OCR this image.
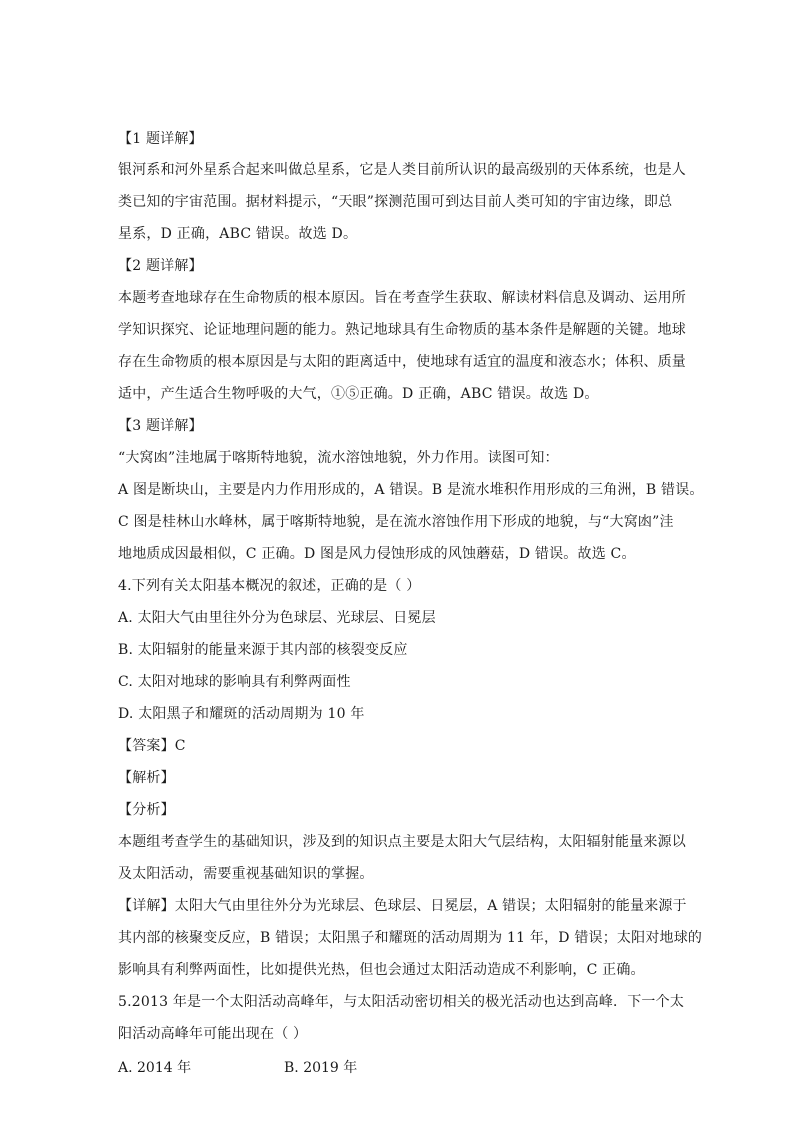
【1 题详解】
银河系和河外星系合起来叫做总星系，它是人类目前所认识的最高级别的天体系统，也是人
类已知的宇宙范围。据材料提示，“天眼”探测范围可到达目前人类可知的宇宙边缘，即总
星系，D 正确，ABC 错误。故选 D。
【2 题详解】
本题考查地球存在生命物质的根本原因。旨在考查学生获取、解读材料信息及调动、运用所
学知识探究、论证地理问题的能力。熟记地球具有生命物质的基本条件是解题的关键。地球
存在生命物质的根本原因是与太阳的距离适中，使地球有适宜的温度和液态水；体积、质量
适中，产生适合生物呼吸的大气，①⑤正确。D 正确，ABC 错误。故选 D。
【3 题详解】
“大窝凼”洼地属于喀斯特地貌，流水溶蚀地貌，外力作用。读图可知：
A 图是断块山，主要是内力作用形成的，A 错误。B 是流水堆积作用形成的三角洲，B 错误。
C 图是桂林山水峰林，属于喀斯特地貌，是在流水溶蚀作用下形成的地貌，与“大窝凼”洼
地地质成因最相似，C 正确。D 图是风力侵蚀形成的风蚀蘑菇，D 错误。故选 C。
4.下列有关太阳基本概况的叙述，正确的是（ ）
A. 太阳大气由里往外分为色球层、光球层、日冕层
B. 太阳辐射的能量来源于其内部的核裂变反应
C. 太阳对地球的影响具有利弊两面性
D. 太阳黑子和耀斑的活动周期为 10 年
【答案】C
【解析】
【分析】
本题组考查学生的基础知识，涉及到的知识点主要是太阳大气层结构，太阳辐射能量来源以
及太阳活动，需要重视基础知识的掌握。
【详解】太阳大气由里往外分为光球层、色球层、日冕层，A 错误；太阳辐射的能量来源于
其内部的核聚变反应，B 错误；太阳黑子和耀斑的活动周期为 11 年，D 错误；太阳对地球的
影响具有利弊两面性，比如提供光热，但也会通过太阳活动造成不利影响，C 正确。
5.2013 年是一个太阳活动高峰年，与太阳活动密切相关的极光活动也达到高峰．下一个太
阳活动高峰年可能出现在（ ）
A. 2014 年	B. 2019 年
